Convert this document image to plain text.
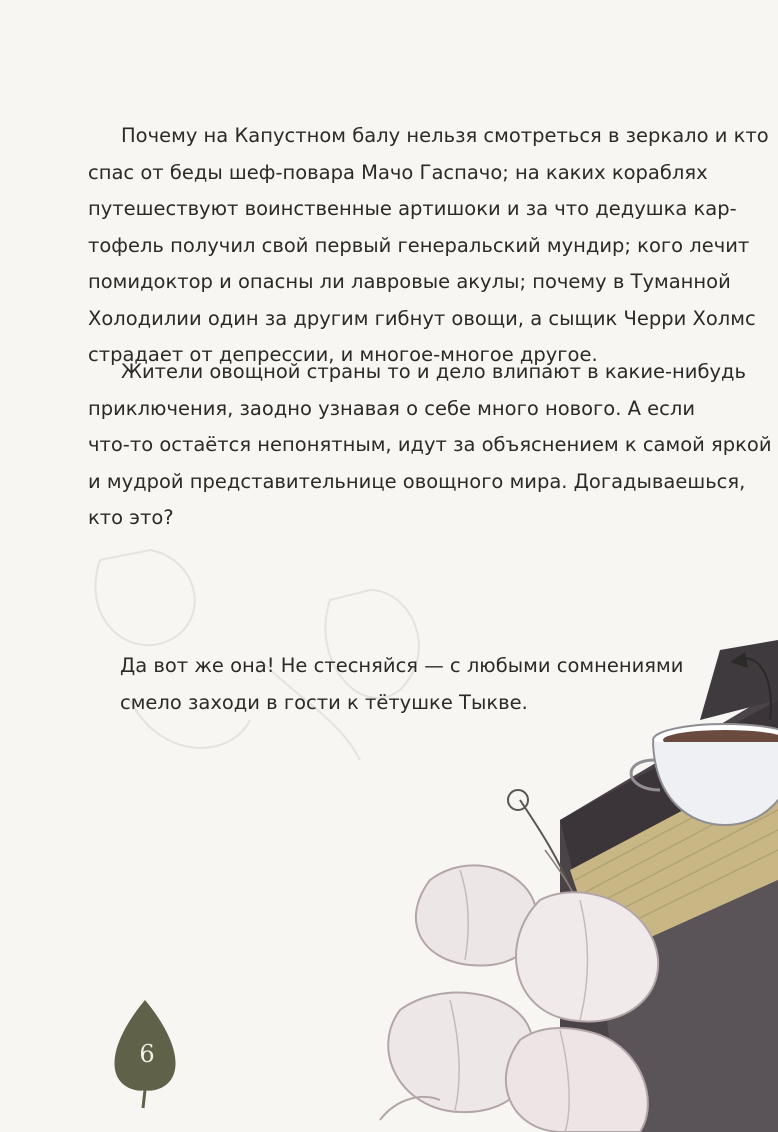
Почему на Капустном балу нельзя смотреться в зеркало и кто
спас от беды шеф-повара Мачо Гаспачо; на каких кораблях
путешествуют воинственные артишоки и за что дедушка кар-
тофель получил свой первый генеральский мундир; кого лечит
помидоктор и опасны ли лавровые акулы; почему в Туманной
Холодилии один за другим гибнут овощи, а сыщик Черри Холмс
страдает от депрессии, и многое-многое другое.

Жители овощной страны то и дело влипают в какие-нибудь
приключения, заодно узнавая о себе много нового. А если
что-то остаётся непонятным, идут за объяснением к самой яркой
и мудрой представительнице овощного мира. Догадываешься,
кто это?

Да вот же она! Не стесняйся — с любыми сомнениями
смело заходи в гости к тётушке Тыкве.

6
